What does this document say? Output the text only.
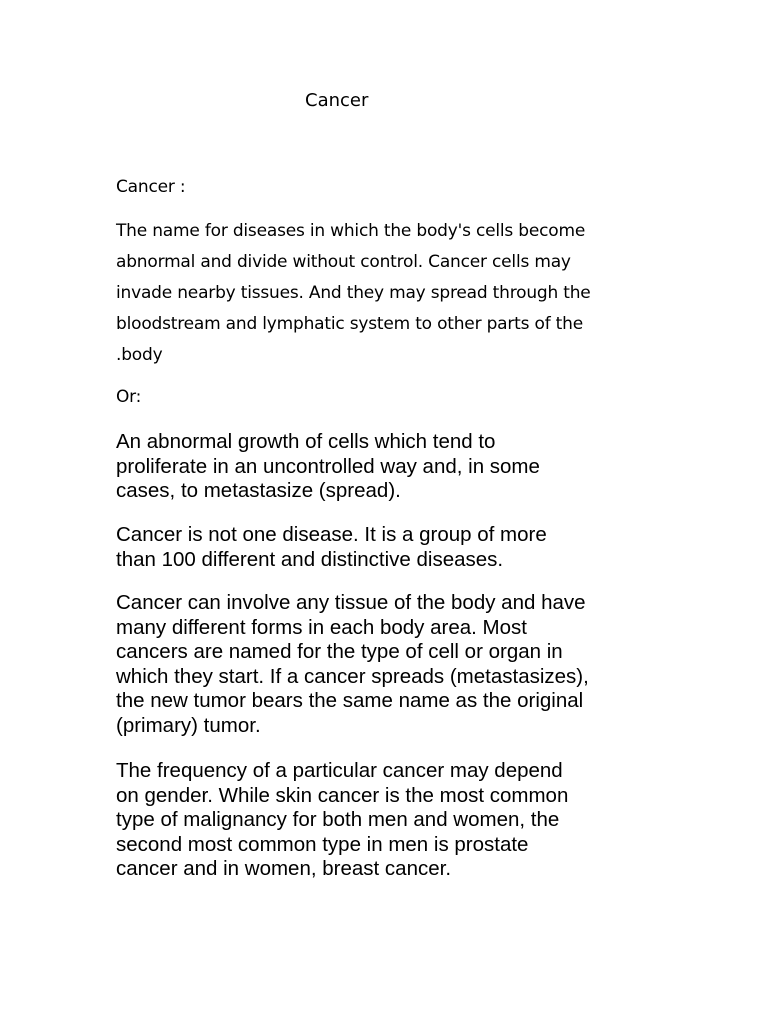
Cancer
Cancer :

The name for diseases in which the body's cells become
abnormal and divide without control. Cancer cells may
invade nearby tissues. And they may spread through the
bloodstream and lymphatic system to other parts of the
.body

Or:

An abnormal growth of cells which tend to
proliferate in an uncontrolled way and, in some
cases, to metastasize (spread).

Cancer is not one disease. It is a group of more
than 100 different and distinctive diseases.

Cancer can involve any tissue of the body and have
many different forms in each body area. Most
cancers are named for the type of cell or organ in
which they start. If a cancer spreads (metastasizes),
the new tumor bears the same name as the original
(primary) tumor.

The frequency of a particular cancer may depend
on gender. While skin cancer is the most common
type of malignancy for both men and women, the
second most common type in men is prostate
cancer and in women, breast cancer.
